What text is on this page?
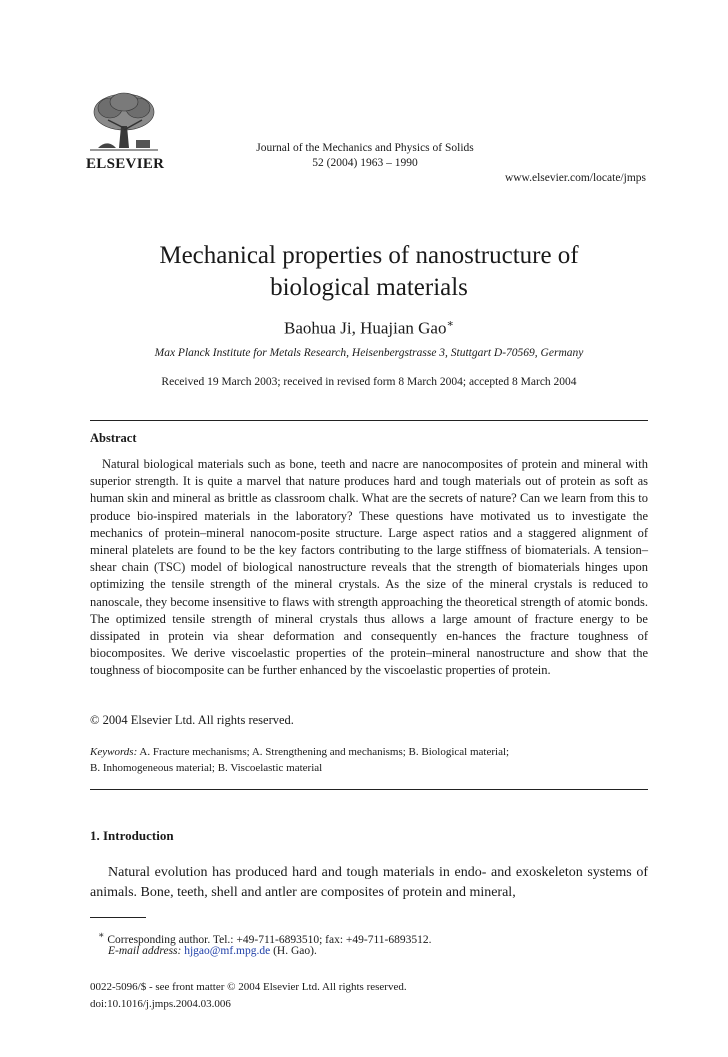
ELSEVIER
Journal of the Mechanics and Physics of Solids
52 (2004) 1963 – 1990
www.elsevier.com/locate/jmps
Mechanical properties of nanostructure of
biological materials
Baohua Ji, Huajian Gao∗
Max Planck Institute for Metals Research, Heisenbergstrasse 3, Stuttgart D-70569, Germany
Received 19 March 2003; received in revised form 8 March 2004; accepted 8 March 2004
Abstract
Natural biological materials such as bone, teeth and nacre are nanocomposites of protein and mineral with superior strength. It is quite a marvel that nature produces hard and tough materials out of protein as soft as human skin and mineral as brittle as classroom chalk. What are the secrets of nature? Can we learn from this to produce bio-inspired materials in the laboratory? These questions have motivated us to investigate the mechanics of protein–mineral nanocom-posite structure. Large aspect ratios and a staggered alignment of mineral platelets are found to be the key factors contributing to the large stiffness of biomaterials. A tension–shear chain (TSC) model of biological nanostructure reveals that the strength of biomaterials hinges upon optimizing the tensile strength of the mineral crystals. As the size of the mineral crystals is reduced to nanoscale, they become insensitive to flaws with strength approaching the theoretical strength of atomic bonds. The optimized tensile strength of mineral crystals thus allows a large amount of fracture energy to be dissipated in protein via shear deformation and consequently en-hances the fracture toughness of biocomposites. We derive viscoelastic properties of the protein–mineral nanostructure and show that the toughness of biocomposite can be further enhanced by the viscoelastic properties of protein.
© 2004 Elsevier Ltd. All rights reserved.
Keywords: A. Fracture mechanisms; A. Strengthening and mechanisms; B. Biological material;
B. Inhomogeneous material; B. Viscoelastic material
1. Introduction
Natural evolution has produced hard and tough materials in endo- and exoskeleton systems of animals. Bone, teeth, shell and antler are composites of protein and mineral,
∗ Corresponding author. Tel.: +49-711-6893510; fax: +49-711-6893512.
E-mail address: hjgao@mf.mpg.de (H. Gao).
0022-5096/$ - see front matter © 2004 Elsevier Ltd. All rights reserved.
doi:10.1016/j.jmps.2004.03.006
